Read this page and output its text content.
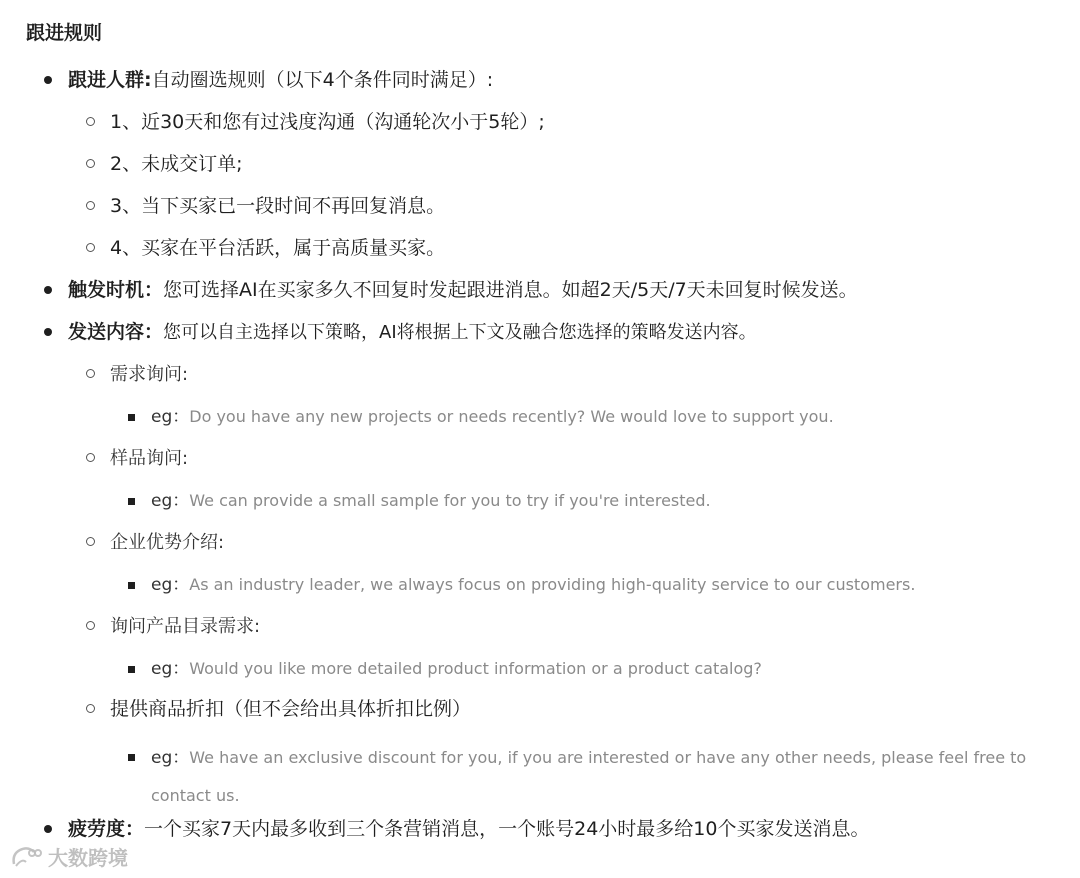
跟进规则
跟进人群:自动圈选规则（以下4个条件同时满足）:
1、近30天和您有过浅度沟通（沟通轮次小于5轮）;
2、未成交订单;
3、当下买家已一段时间不再回复消息。
4、买家在平台活跃，属于高质量买家。
触发时机：您可选择AI在买家多久不回复时发起跟进消息。如超2天/5天/7天未回复时候发送。
发送内容：您可以自主选择以下策略，AI将根据上下文及融合您选择的策略发送内容。
需求询问:
eg：Do you have any new projects or needs recently? We would love to support you.
样品询问:
eg：We can provide a small sample for you to try if you're interested.
企业优势介绍:
eg：As an industry leader, we always focus on providing high-quality service to our customers.
询问产品目录需求:
eg：Would you like more detailed product information or a product catalog?
提供商品折扣（但不会给出具体折扣比例）
eg：We have an exclusive discount for you, if you are interested or have any other needs, please feel free to contact us.
疲劳度：一个买家7天内最多收到三个条营销消息，一个账号24小时最多给10个买家发送消息。
大数跨境
